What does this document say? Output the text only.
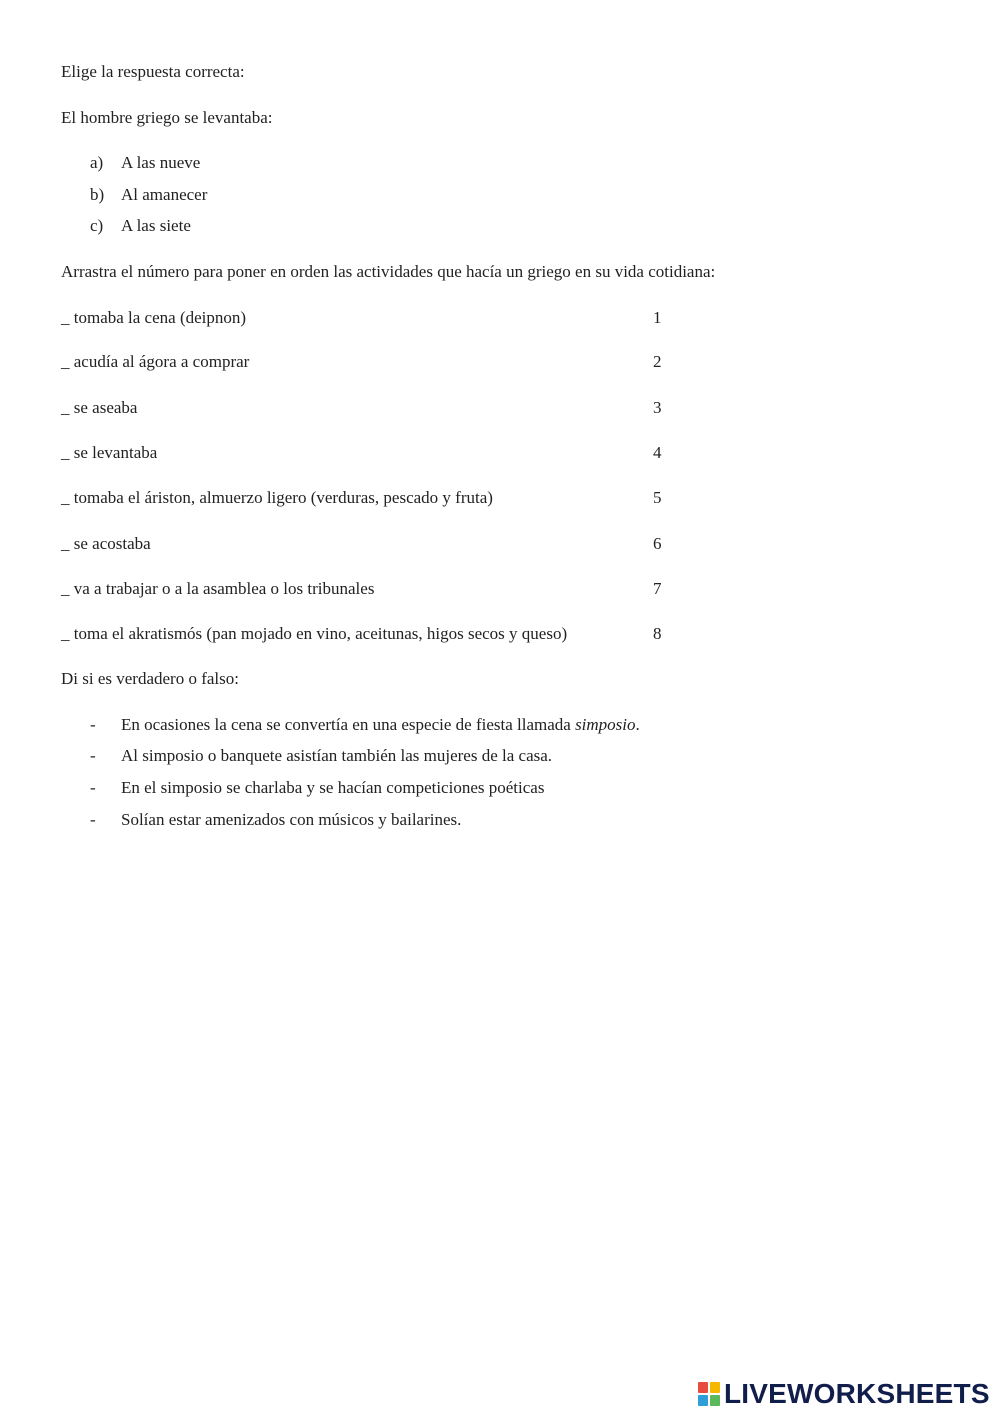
Elige la respuesta correcta:
El hombre griego se levantaba:
a) A las nueve
b) Al amanecer
c) A las siete
Arrastra el número para poner en orden las actividades que hacía un griego en su vida cotidiana:
_ tomaba la cena (deipnon)	1
_ acudía al ágora a comprar	2
_ se aseaba	3
_ se levantaba	4
_ tomaba el áriston, almuerzo ligero (verduras, pescado y fruta)	5
_ se acostaba	6
_ va a trabajar o a la asamblea o los tribunales	7
_ toma el akratismós (pan mojado en vino, aceitunas, higos secos y queso)	8
Di si es verdadero o falso:
- En ocasiones la cena se convertía en una especie de fiesta llamada simposio.
- Al simposio o banquete asistían también las mujeres de la casa.
- En el simposio se charlaba y se hacían competiciones poéticas
- Solían estar amenizados con músicos y bailarines.
LIVEWORKSHEETS
